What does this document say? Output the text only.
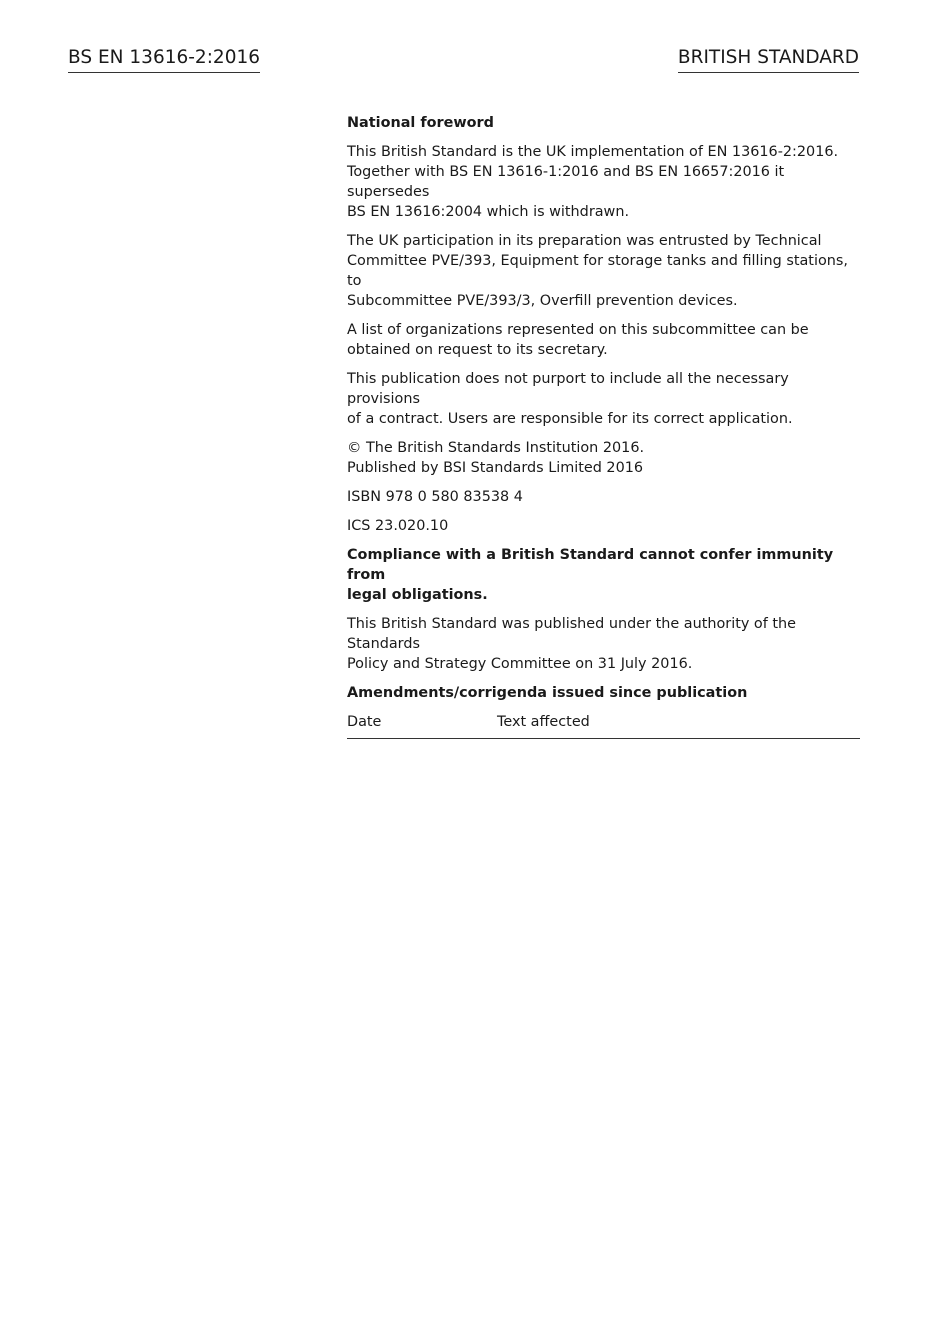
BS EN 13616-2:2016	BRITISH STANDARD

National foreword

This British Standard is the UK implementation of EN 13616-2:2016.
Together with BS EN 13616-1:2016 and BS EN 16657:2016 it supersedes
BS EN 13616:2004 which is withdrawn.

The UK participation in its preparation was entrusted by Technical
Committee PVE/393, Equipment for storage tanks and filling stations, to
Subcommittee PVE/393/3, Overfill prevention devices.

A list of organizations represented on this subcommittee can be
obtained on request to its secretary.

This publication does not purport to include all the necessary provisions
of a contract. Users are responsible for its correct application.

© The British Standards Institution 2016.
Published by BSI Standards Limited 2016

ISBN 978 0 580 83538 4

ICS 23.020.10

Compliance with a British Standard cannot confer immunity from
legal obligations.

This British Standard was published under the authority of the Standards
Policy and Strategy Committee on 31 July 2016.

Amendments/corrigenda issued since publication

Date	Text affected
